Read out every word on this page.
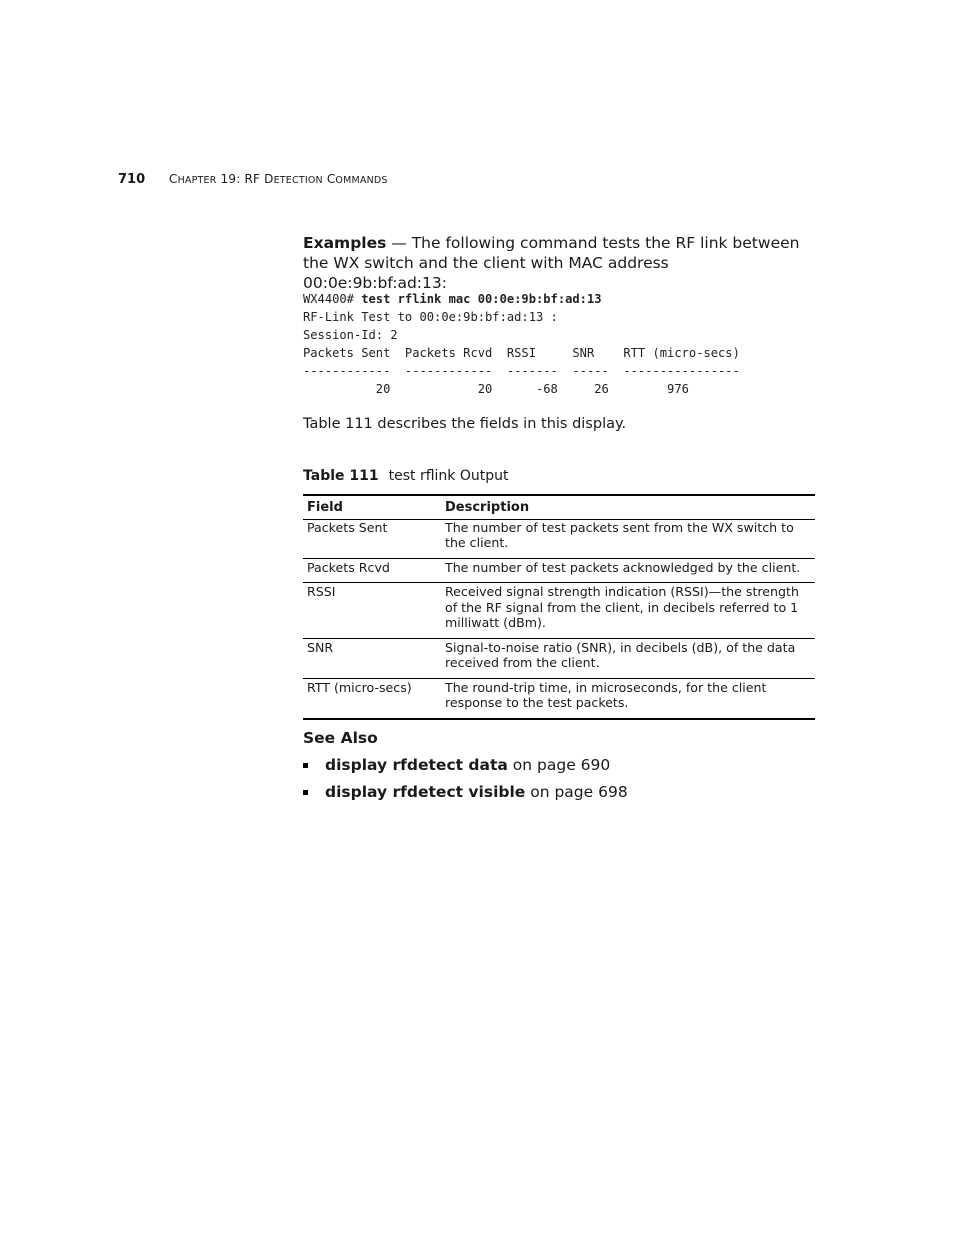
710 CHAPTER 19: RF DETECTION COMMANDS
Examples — The following command tests the RF link between the WX switch and the client with MAC address 00:0e:9b:bf:ad:13:
WX4400# test rflink mac 00:0e:9b:bf:ad:13
RF-Link Test to 00:0e:9b:bf:ad:13 :
Session-Id: 2
Packets Sent  Packets Rcvd  RSSI     SNR    RTT (micro-secs)
------------  ------------  -------  -----  ----------------
20            20      -68     26        976
Table 111 describes the fields in this display.
Table 111 test rflink Output
Field	Description
Packets Sent	The number of test packets sent from the WX switch to the client.
Packets Rcvd	The number of test packets acknowledged by the client.
RSSI	Received signal strength indication (RSSI)—the strength of the RF signal from the client, in decibels referred to 1 milliwatt (dBm).
SNR	Signal-to-noise ratio (SNR), in decibels (dB), of the data received from the client.
RTT (micro-secs)	The round-trip time, in microseconds, for the client response to the test packets.
See Also
display rfdetect data on page 690
display rfdetect visible on page 698
